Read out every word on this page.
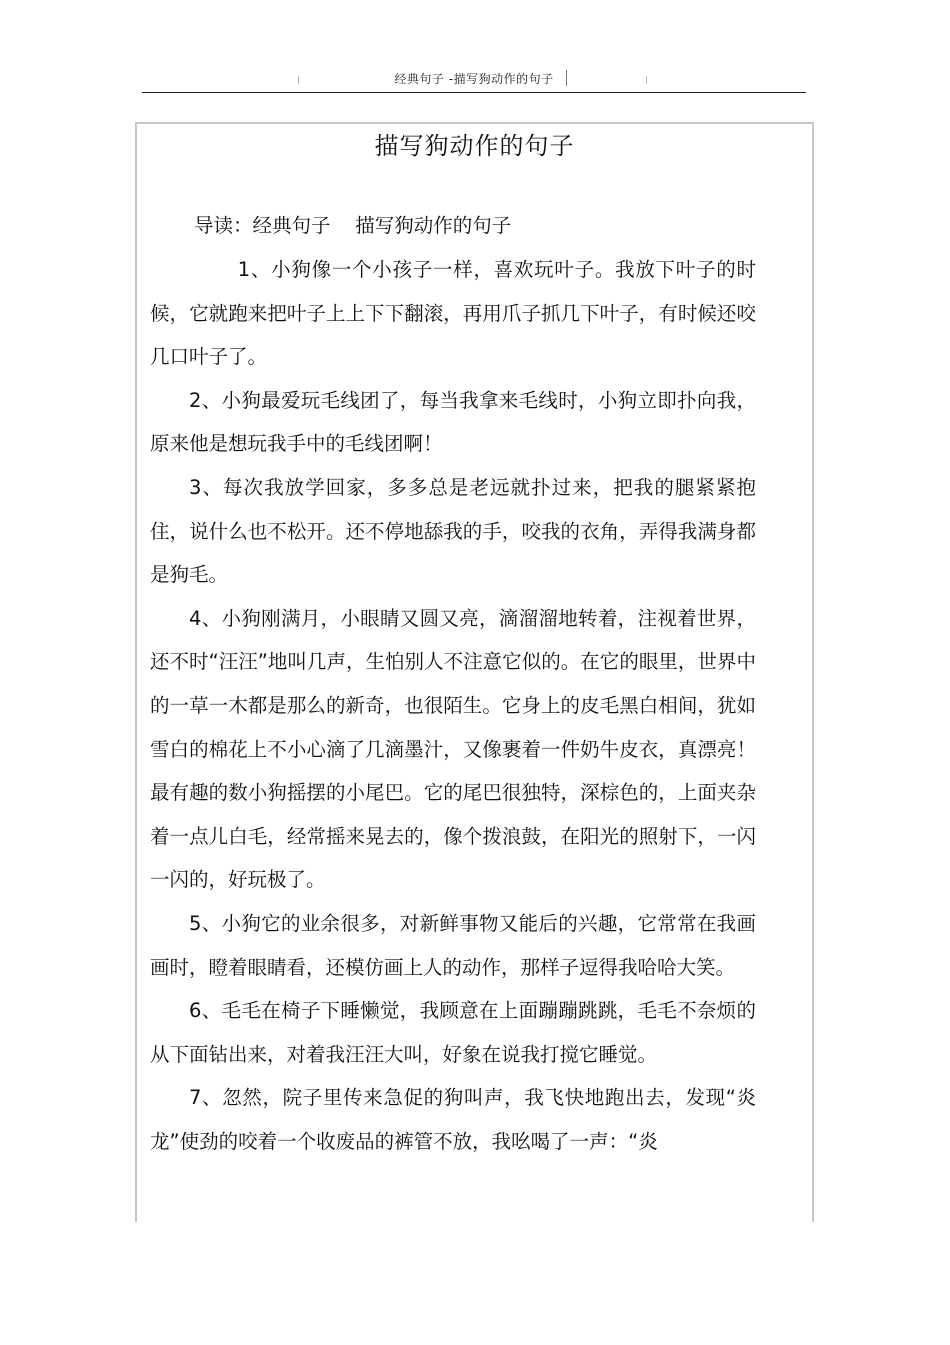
经典句子 -描写狗动作的句子
描写狗动作的句子
导读：经典句子    描写狗动作的句子

1、小狗像一个小孩子一样，喜欢玩叶子。我放下叶子的时候，它就跑来把叶子上上下下翻滚，再用爪子抓几下叶子，有时候还咬几口叶子了。

2、小狗最爱玩毛线团了，每当我拿来毛线时，小狗立即扑向我，原来他是想玩我手中的毛线团啊！

3、每次我放学回家，多多总是老远就扑过来，把我的腿紧紧抱住，说什么也不松开。还不停地舔我的手，咬我的衣角，弄得我满身都是狗毛。

4、小狗刚满月，小眼睛又圆又亮，滴溜溜地转着，注视着世界，还不时“汪汪”地叫几声，生怕别人不注意它似的。在它的眼里，世界中的一草一木都是那么的新奇，也很陌生。它身上的皮毛黑白相间，犹如雪白的棉花上不小心滴了几滴墨汁，又像裹着一件奶牛皮衣，真漂亮！最有趣的数小狗摇摆的小尾巴。它的尾巴很独特，深棕色的，上面夹杂着一点儿白毛，经常摇来晃去的，像个拨浪鼓，在阳光的照射下，一闪一闪的，好玩极了。

5、小狗它的业余很多，对新鲜事物又能后的兴趣，它常常在我画画时，瞪着眼睛看，还模仿画上人的动作，那样子逗得我哈哈大笑。

6、毛毛在椅子下睡懒觉，我顾意在上面蹦蹦跳跳，毛毛不奈烦的从下面钻出来，对着我汪汪大叫，好象在说我打搅它睡觉。

7、忽然，院子里传来急促的狗叫声，我飞快地跑出去，发现“炎龙”使劲的咬着一个收废品的裤管不放，我吆喝了一声：“炎
